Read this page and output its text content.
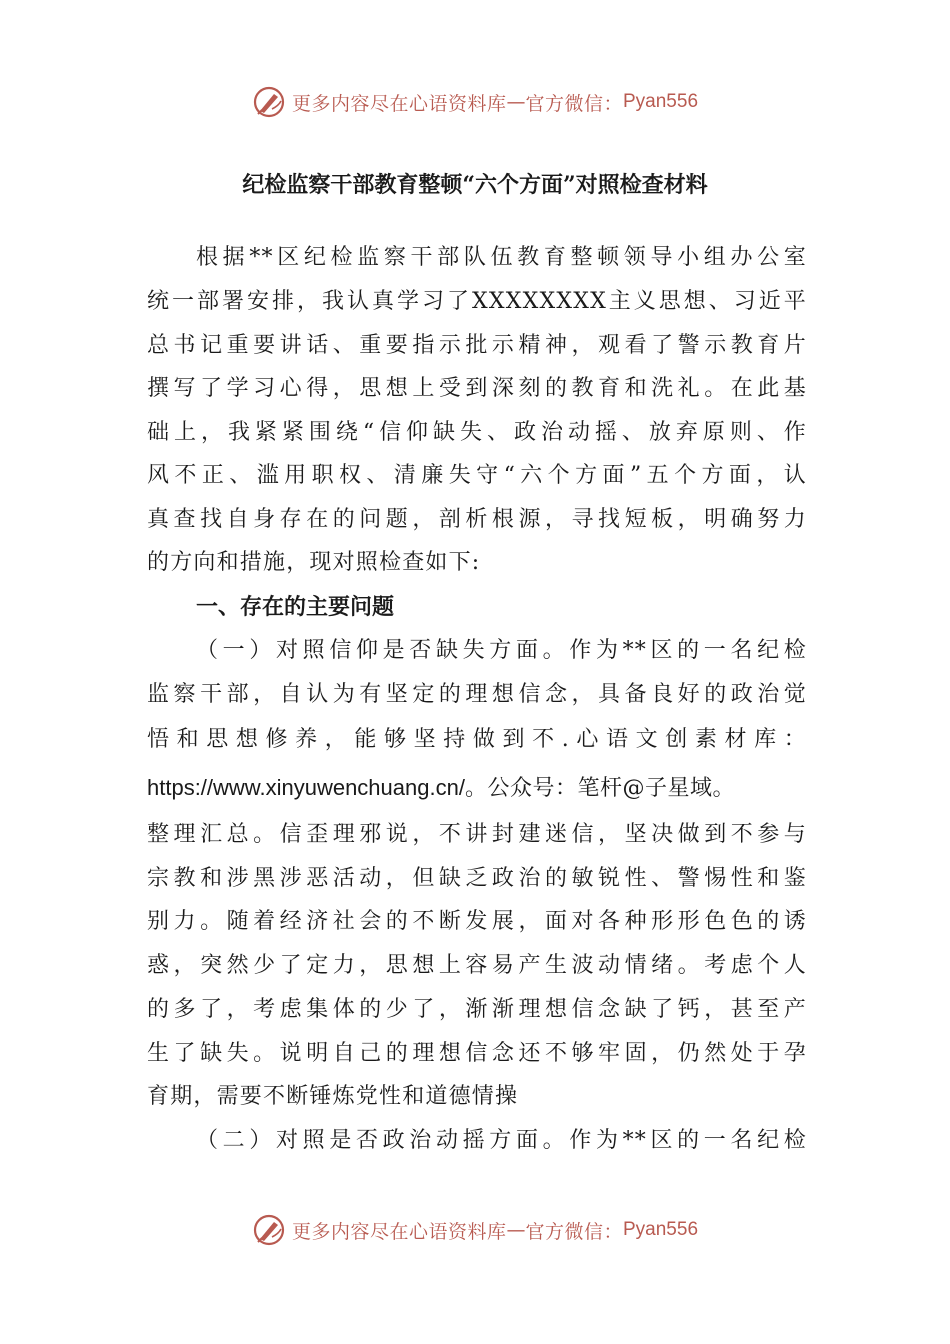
更多内容尽在心语资料库 — 官方微信： Pyan556
纪检监察干部教育整顿“六个方面”对照检查材料
根据**区纪检监察干部队伍教育整顿领导小组办公室
统一部署安排，我认真学习了XXXXXXXX主义思想、习近平
总书记重要讲话、重要指示批示精神，观看了警示教育片
撰写了学习心得，思想上受到深刻的教育和洗礼。在此基
础上，我紧紧围绕“信仰缺失、政治动摇、放弃原则、作
风不正、滥用职权、清廉失守“六个方面”五个方面，认
真查找自身存在的问题，剖析根源，寻找短板，明确努力
的方向和措施，现对照检查如下:
一、存在的主要问题
（一）对照信仰是否缺失方面。作为**区的一名纪检
监察干部，自认为有坚定的理想信念，具备良好的政治觉
悟和思想修养，能够坚持做到不.心语文创素材库：
https://www.xinyuwenchuang.cn/。公众号：笔杆@子星域。
整理汇总。信歪理邪说，不讲封建迷信，坚决做到不参与
宗教和涉黑涉恶活动，但缺乏政治的敏锐性、警惕性和鉴
别力。随着经济社会的不断发展，面对各种形形色色的诱
惑，突然少了定力，思想上容易产生波动情绪。考虑个人
的多了，考虑集体的少了，渐渐理想信念缺了钙，甚至产
生了缺失。说明自己的理想信念还不够牢固，仍然处于孕
育期，需要不断锤炼党性和道德情操
（二）对照是否政治动摇方面。作为**区的一名纪检
更多内容尽在心语资料库 — 官方微信： Pyan556
